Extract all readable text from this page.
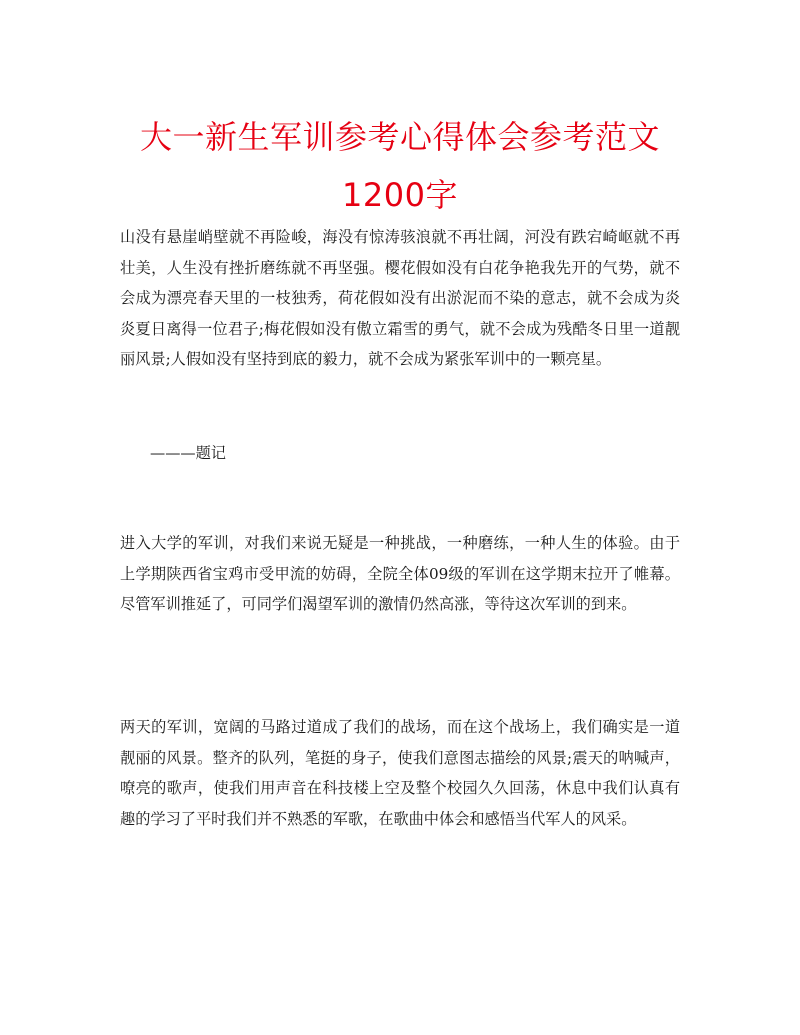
大一新生军训参考心得体会参考范文1200字

山没有悬崖峭壁就不再险峻，海没有惊涛骇浪就不再壮阔，河没有跌宕崎岖就不再壮美，人生没有挫折磨练就不再坚强。樱花假如没有白花争艳我先开的气势，就不会成为漂亮春天里的一枝独秀，荷花假如没有出淤泥而不染的意志，就不会成为炎炎夏日离得一位君子;梅花假如没有傲立霜雪的勇气，就不会成为残酷冬日里一道靓丽风景;人假如没有坚持到底的毅力，就不会成为紧张军训中的一颗亮星。

———题记

进入大学的军训，对我们来说无疑是一种挑战，一种磨练，一种人生的体验。由于上学期陕西省宝鸡市受甲流的妨碍，全院全体09级的军训在这学期末拉开了帷幕。尽管军训推延了，可同学们渴望军训的激情仍然高涨，等待这次军训的到来。

两天的军训，宽阔的马路过道成了我们的战场，而在这个战场上，我们确实是一道靓丽的风景。整齐的队列，笔挺的身子，使我们意图志描绘的风景;震天的呐喊声，嘹亮的歌声，使我们用声音在科技楼上空及整个校园久久回荡，休息中我们认真有趣的学习了平时我们并不熟悉的军歌，在歌曲中体会和感悟当代军人的风采。
